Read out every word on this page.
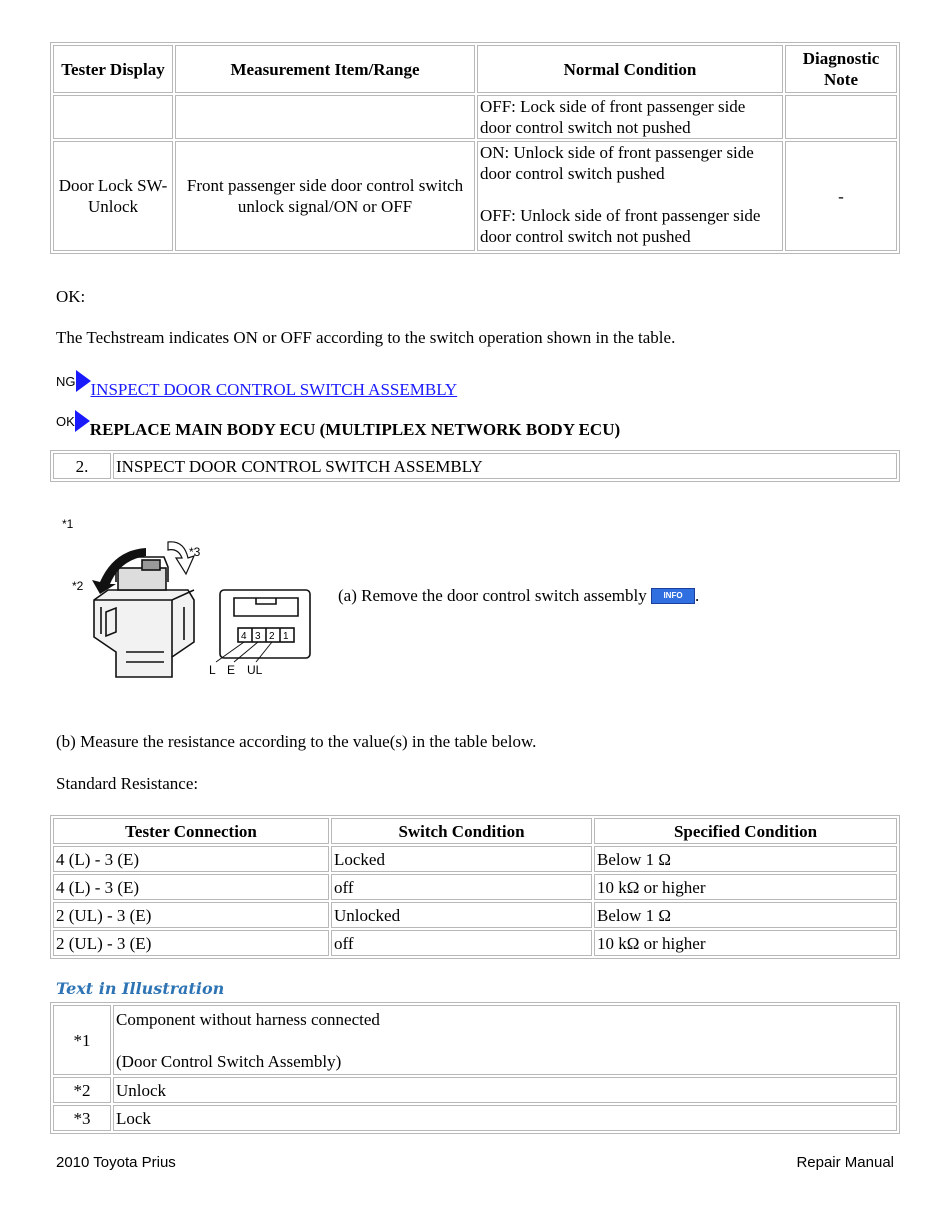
Tester Display	Measurement Item/Range	Normal Condition	Diagnostic Note
		OFF: Lock side of front passenger side door control switch not pushed	
Door Lock SW-Unlock	Front passenger side door control switch unlock signal/ON or OFF	ON: Unlock side of front passenger side door control switch pushed
OFF: Unlock side of front passenger side door control switch not pushed	-
OK:
The Techstream indicates ON or OFF according to the switch operation shown in the table.
NG INSPECT DOOR CONTROL SWITCH ASSEMBLY
OK REPLACE MAIN BODY ECU (MULTIPLEX NETWORK BODY ECU)
2.	INSPECT DOOR CONTROL SWITCH ASSEMBLY
*1
*2
*3
4 3 2 1
L E UL
(a) Remove the door control switch assembly INFO .
(b) Measure the resistance according to the value(s) in the table below.
Standard Resistance:
Tester Connection	Switch Condition	Specified Condition
4 (L) - 3 (E)	Locked	Below 1 Ω
4 (L) - 3 (E)	off	10 kΩ or higher
2 (UL) - 3 (E)	Unlocked	Below 1 Ω
2 (UL) - 3 (E)	off	10 kΩ or higher
Text in Illustration
*1	Component without harness connected
(Door Control Switch Assembly)

*2	Unlock
*3	Lock
2010 Toyota Prius	Repair Manual
